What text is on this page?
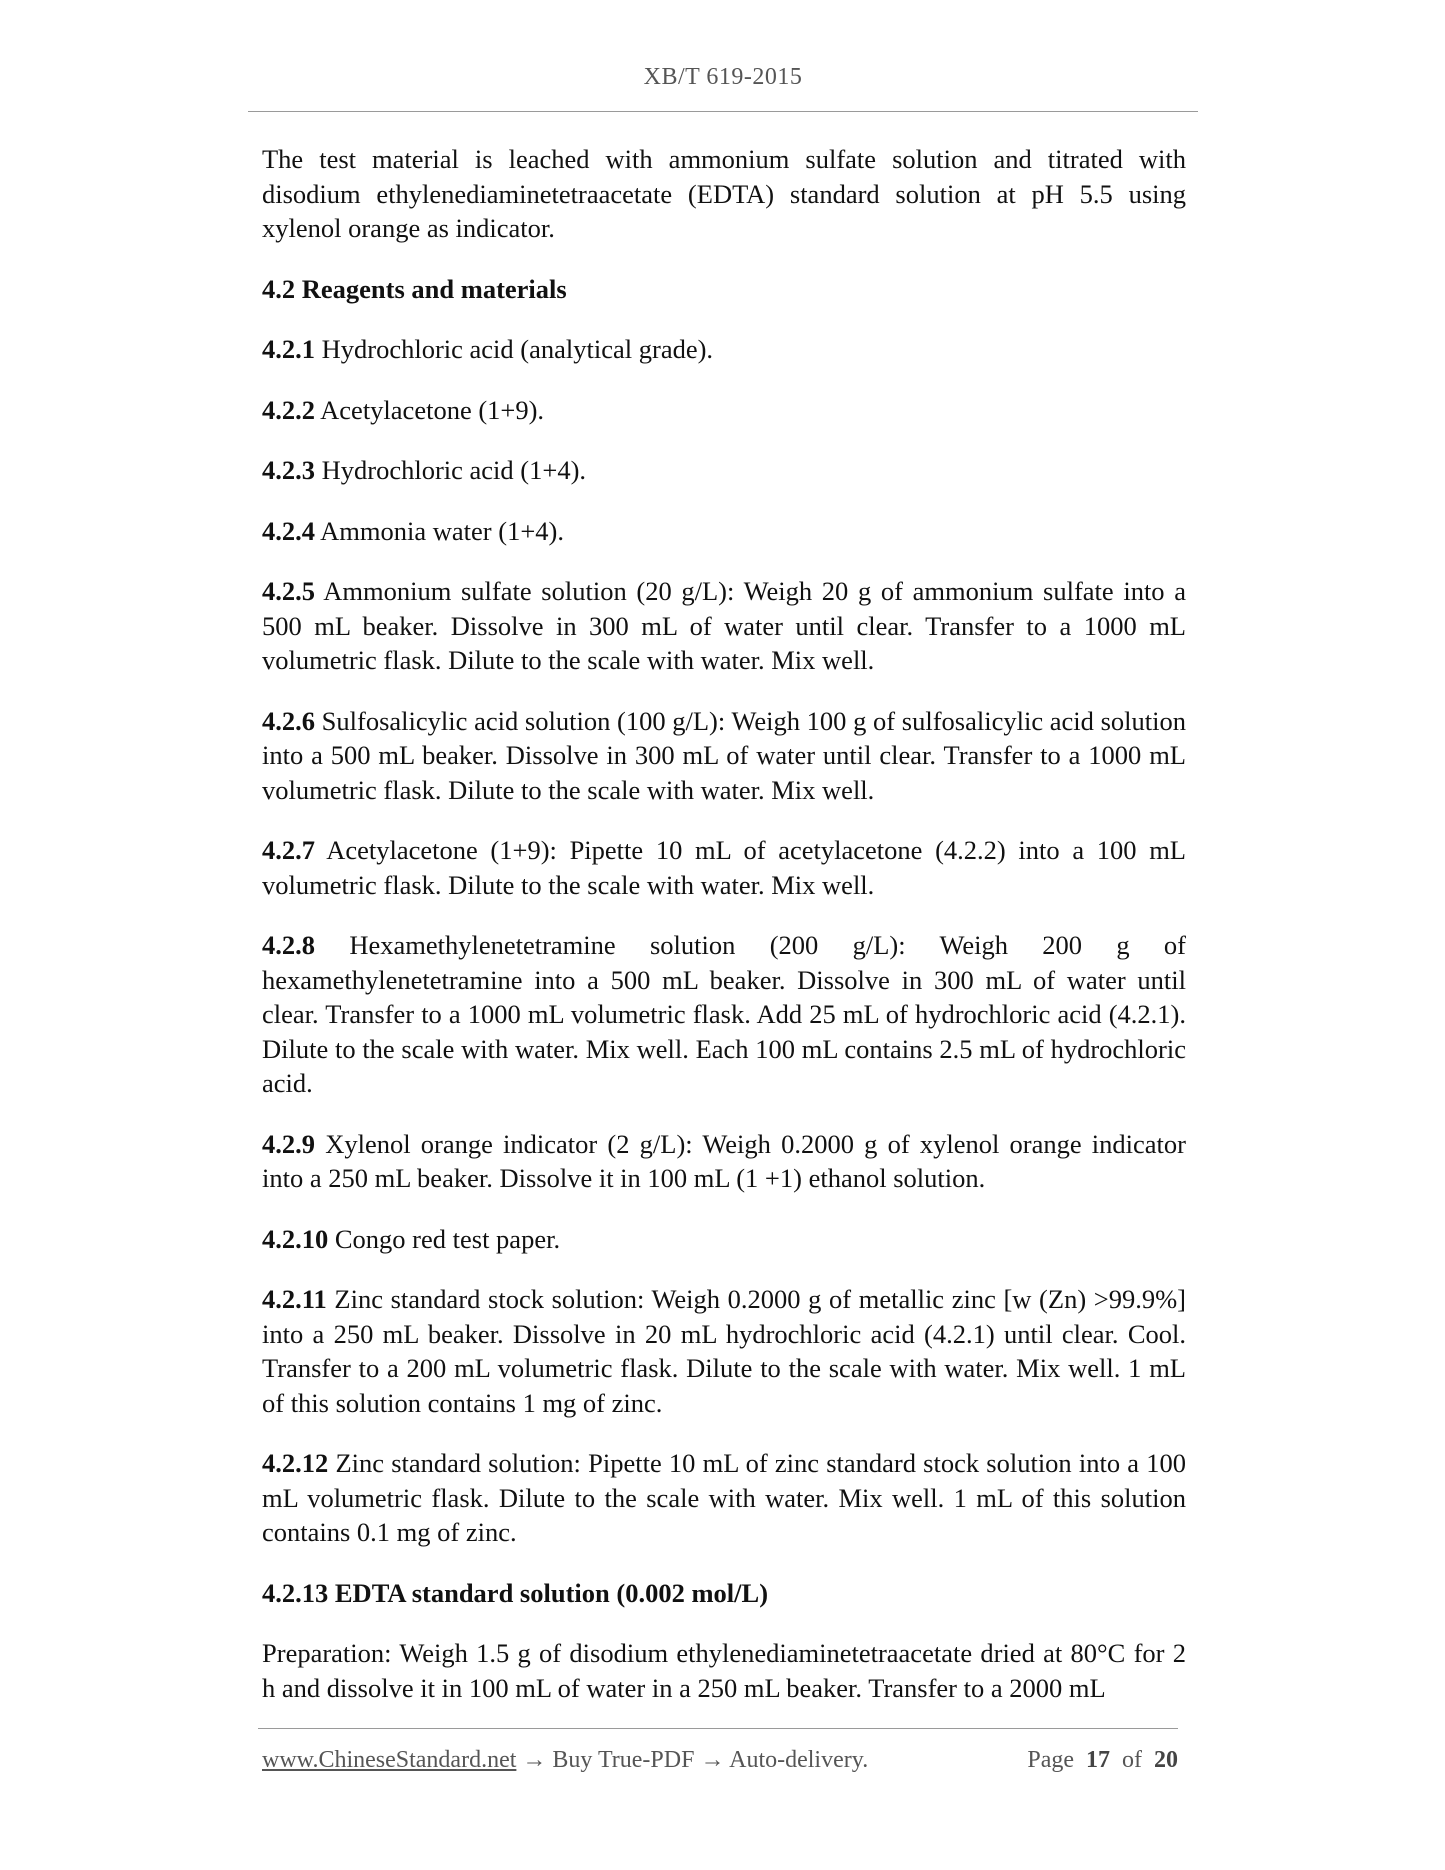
XB/T 619-2015

The test material is leached with ammonium sulfate solution and titrated with disodium ethylenediaminetetraacetate (EDTA) standard solution at pH 5.5 using xylenol orange as indicator.

4.2 Reagents and materials

4.2.1 Hydrochloric acid (analytical grade).

4.2.2 Acetylacetone (1+9).

4.2.3 Hydrochloric acid (1+4).

4.2.4 Ammonia water (1+4).

4.2.5 Ammonium sulfate solution (20 g/L): Weigh 20 g of ammonium sulfate into a 500 mL beaker. Dissolve in 300 mL of water until clear. Transfer to a 1000 mL volumetric flask. Dilute to the scale with water. Mix well.

4.2.6 Sulfosalicylic acid solution (100 g/L): Weigh 100 g of sulfosalicylic acid solution into a 500 mL beaker. Dissolve in 300 mL of water until clear. Transfer to a 1000 mL volumetric flask. Dilute to the scale with water. Mix well.

4.2.7 Acetylacetone (1+9): Pipette 10 mL of acetylacetone (4.2.2) into a 100 mL volumetric flask. Dilute to the scale with water. Mix well.

4.2.8 Hexamethylenetetramine solution (200 g/L): Weigh 200 g of hexamethylenetetramine into a 500 mL beaker. Dissolve in 300 mL of water until clear. Transfer to a 1000 mL volumetric flask. Add 25 mL of hydrochloric acid (4.2.1). Dilute to the scale with water. Mix well. Each 100 mL contains 2.5 mL of hydrochloric acid.

4.2.9 Xylenol orange indicator (2 g/L): Weigh 0.2000 g of xylenol orange indicator into a 250 mL beaker. Dissolve it in 100 mL (1 +1) ethanol solution.

4.2.10 Congo red test paper.

4.2.11 Zinc standard stock solution: Weigh 0.2000 g of metallic zinc [w (Zn) >99.9%] into a 250 mL beaker. Dissolve in 20 mL hydrochloric acid (4.2.1) until clear. Cool. Transfer to a 200 mL volumetric flask. Dilute to the scale with water. Mix well. 1 mL of this solution contains 1 mg of zinc.

4.2.12 Zinc standard solution: Pipette 10 mL of zinc standard stock solution into a 100 mL volumetric flask. Dilute to the scale with water. Mix well. 1 mL of this solution contains 0.1 mg of zinc.

4.2.13 EDTA standard solution (0.002 mol/L)

Preparation: Weigh 1.5 g of disodium ethylenediaminetetraacetate dried at 80°C for 2 h and dissolve it in 100 mL of water in a 250 mL beaker. Transfer to a 2000 mL

www.ChineseStandard.net → Buy True-PDF → Auto-delivery.	Page 17 of 20
